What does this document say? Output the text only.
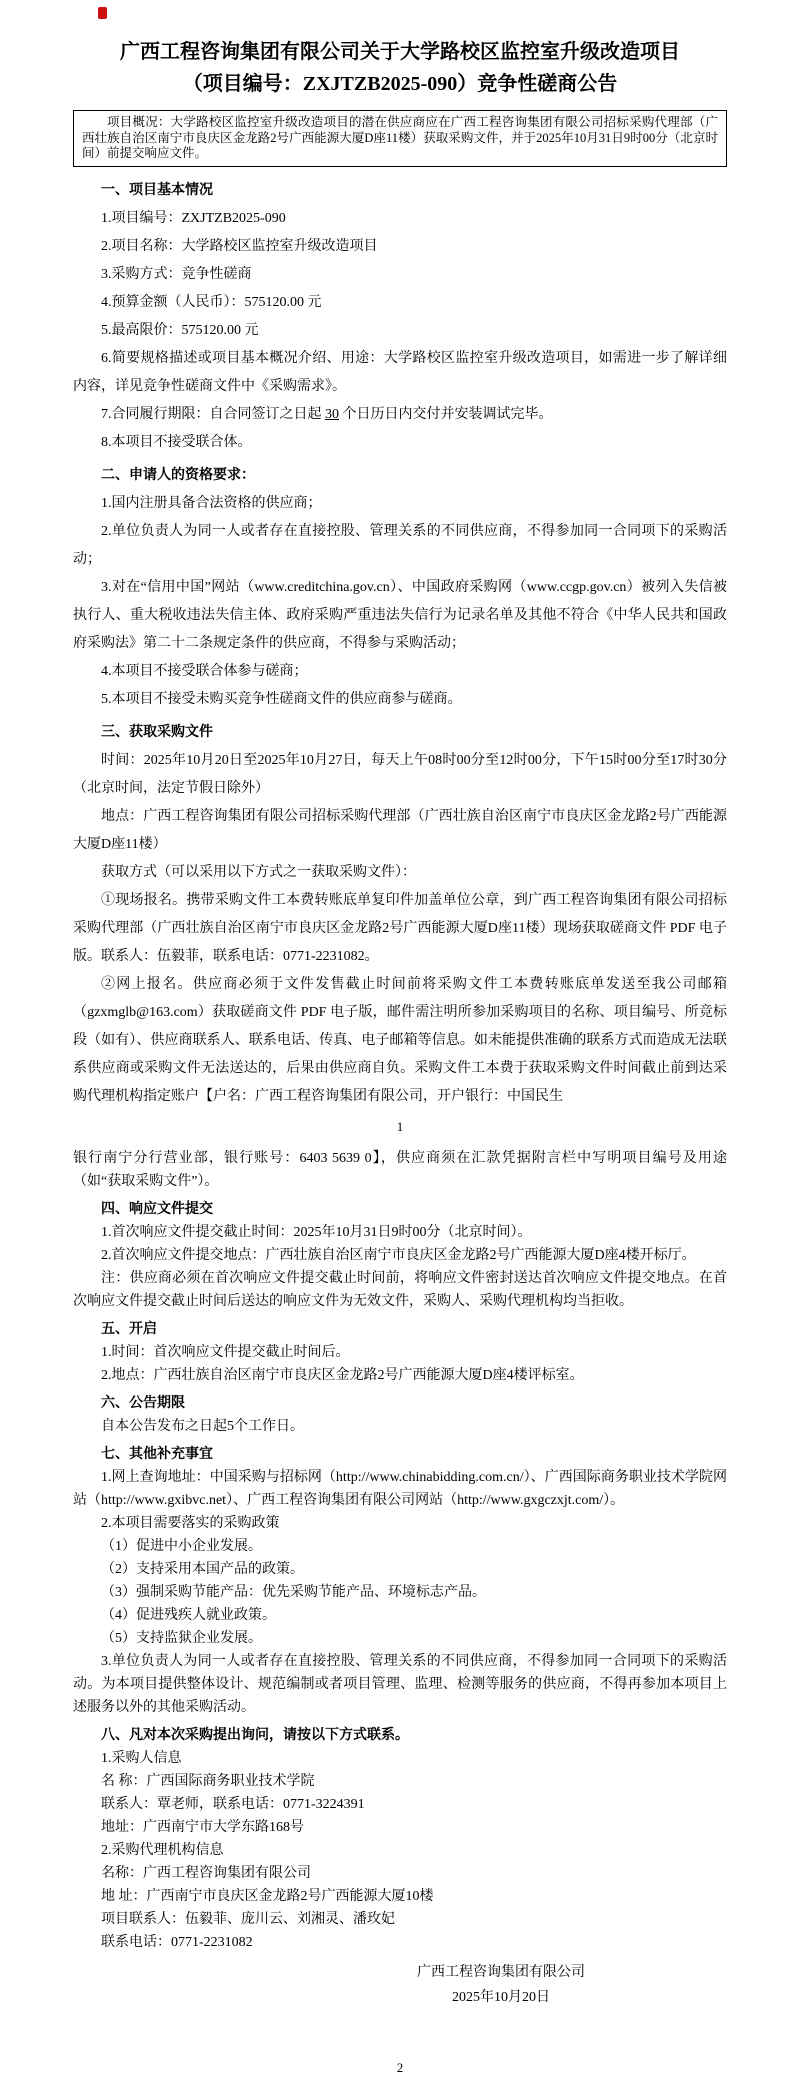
广西工程咨询集团有限公司关于大学路校区监控室升级改造项目
（项目编号：ZXJTZB2025-090）竞争性磋商公告
项目概况：大学路校区监控室升级改造项目的潜在供应商应在广西工程咨询集团有限公司招标采购代理部（广西壮族自治区南宁市良庆区金龙路2号广西能源大厦D座11楼）获取采购文件，并于2025年10月31日9时00分（北京时间）前提交响应文件。

一、项目基本情况

1.项目编号：ZXJTZB2025-090

2.项目名称：大学路校区监控室升级改造项目

3.采购方式：竞争性磋商

4.预算金额（人民币）：575120.00 元

5.最高限价：575120.00 元

6.简要规格描述或项目基本概况介绍、用途：大学路校区监控室升级改造项目，如需进一步了解详细内容，详见竞争性磋商文件中《采购需求》。

7.合同履行期限：自合同签订之日起 30 个日历日内交付并安装调试完毕。

8.本项目不接受联合体。

二、申请人的资格要求：

1.国内注册具备合法资格的供应商；

2.单位负责人为同一人或者存在直接控股、管理关系的不同供应商，不得参加同一合同项下的采购活动；

3.对在“信用中国”网站（www.creditchina.gov.cn）、中国政府采购网（www.ccgp.gov.cn）被列入失信被执行人、重大税收违法失信主体、政府采购严重违法失信行为记录名单及其他不符合《中华人民共和国政府采购法》第二十二条规定条件的供应商，不得参与采购活动；

4.本项目不接受联合体参与磋商；

5.本项目不接受未购买竞争性磋商文件的供应商参与磋商。

三、获取采购文件

时间：2025年10月20日至2025年10月27日，每天上午08时00分至12时00分，下午15时00分至17时30分（北京时间，法定节假日除外）

地点：广西工程咨询集团有限公司招标采购代理部（广西壮族自治区南宁市良庆区金龙路2号广西能源大厦D座11楼）

获取方式（可以采用以下方式之一获取采购文件）：

①现场报名。携带采购文件工本费转账底单复印件加盖单位公章，到广西工程咨询集团有限公司招标采购代理部（广西壮族自治区南宁市良庆区金龙路2号广西能源大厦D座11楼）现场获取磋商文件 PDF 电子版。联系人：伍毅菲，联系电话：0771-2231082。

②网上报名。供应商必须于文件发售截止时间前将采购文件工本费转账底单发送至我公司邮箱（gzxmglb@163.com）获取磋商文件 PDF 电子版，邮件需注明所参加采购项目的名称、项目编号、所竞标段（如有）、供应商联系人、联系电话、传真、电子邮箱等信息。如未能提供准确的联系方式而造成无法联系供应商或采购文件无法送达的，后果由供应商自负。采购文件工本费于获取采购文件时间截止前到达采购代理机构指定账户【户名：广西工程咨询集团有限公司，开户银行：中国民生

1

银行南宁分行营业部，银行账号：6403 5639 0】，供应商须在汇款凭据附言栏中写明项目编号及用途（如“获取采购文件”）。

四、响应文件提交

1.首次响应文件提交截止时间：2025年10月31日9时00分（北京时间）。

2.首次响应文件提交地点：广西壮族自治区南宁市良庆区金龙路2号广西能源大厦D座4楼开标厅。

注：供应商必须在首次响应文件提交截止时间前，将响应文件密封送达首次响应文件提交地点。在首次响应文件提交截止时间后送达的响应文件为无效文件，采购人、采购代理机构均当拒收。

五、开启

1.时间：首次响应文件提交截止时间后。

2.地点：广西壮族自治区南宁市良庆区金龙路2号广西能源大厦D座4楼评标室。

六、公告期限

自本公告发布之日起5个工作日。

七、其他补充事宜

1.网上查询地址：中国采购与招标网（http://www.chinabidding.com.cn/）、广西国际商务职业技术学院网站（http://www.gxibvc.net）、广西工程咨询集团有限公司网站（http://www.gxgczxjt.com/）。

2.本项目需要落实的采购政策

（1）促进中小企业发展。

（2）支持采用本国产品的政策。

（3）强制采购节能产品：优先采购节能产品、环境标志产品。

（4）促进残疾人就业政策。

（5）支持监狱企业发展。

3.单位负责人为同一人或者存在直接控股、管理关系的不同供应商，不得参加同一合同项下的采购活动。为本项目提供整体设计、规范编制或者项目管理、监理、检测等服务的供应商，不得再参加本项目上述服务以外的其他采购活动。

八、凡对本次采购提出询问，请按以下方式联系。

1.采购人信息

名 称：广西国际商务职业技术学院

联系人：覃老师，联系电话：0771-3224391

地址：广西南宁市大学东路168号

2.采购代理机构信息

名称：广西工程咨询集团有限公司

地 址：广西南宁市良庆区金龙路2号广西能源大厦10楼

项目联系人：伍毅菲、庞川云、刘湘灵、潘玫妃

联系电话：0771-2231082

广西工程咨询集团有限公司
2025年10月20日
2
